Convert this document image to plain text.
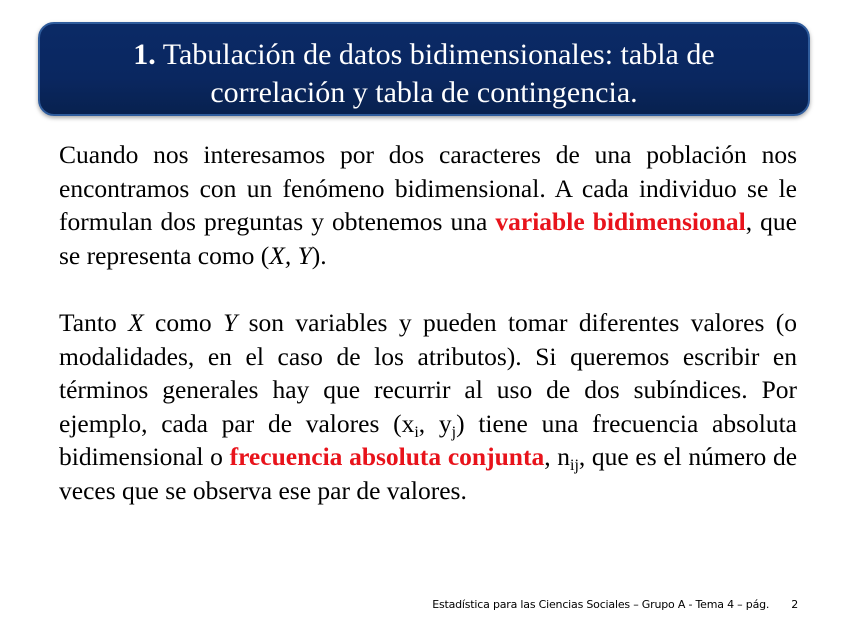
1. Tabulación de datos bidimensionales: tabla de
correlación y tabla de contingencia.

Cuando nos interesamos por dos caracteres de una población nos encontramos con un fenómeno bidimensional. A cada individuo se le formulan dos preguntas y obtenemos una variable bidimensional, que se representa como (X, Y).

Tanto X como Y son variables y pueden tomar diferentes valores (o modalidades, en el caso de los atributos). Si queremos escribir en términos generales hay que recurrir al uso de dos subíndices. Por ejemplo, cada par de valores ($x_i$, $y_j$) tiene una frecuencia absoluta bidimensional o frecuencia absoluta conjunta, $n_{ij}$, que es el número de veces que se observa ese par de valores.

Estadística para las Ciencias Sociales – Grupo A - Tema 4 – pág. 2
